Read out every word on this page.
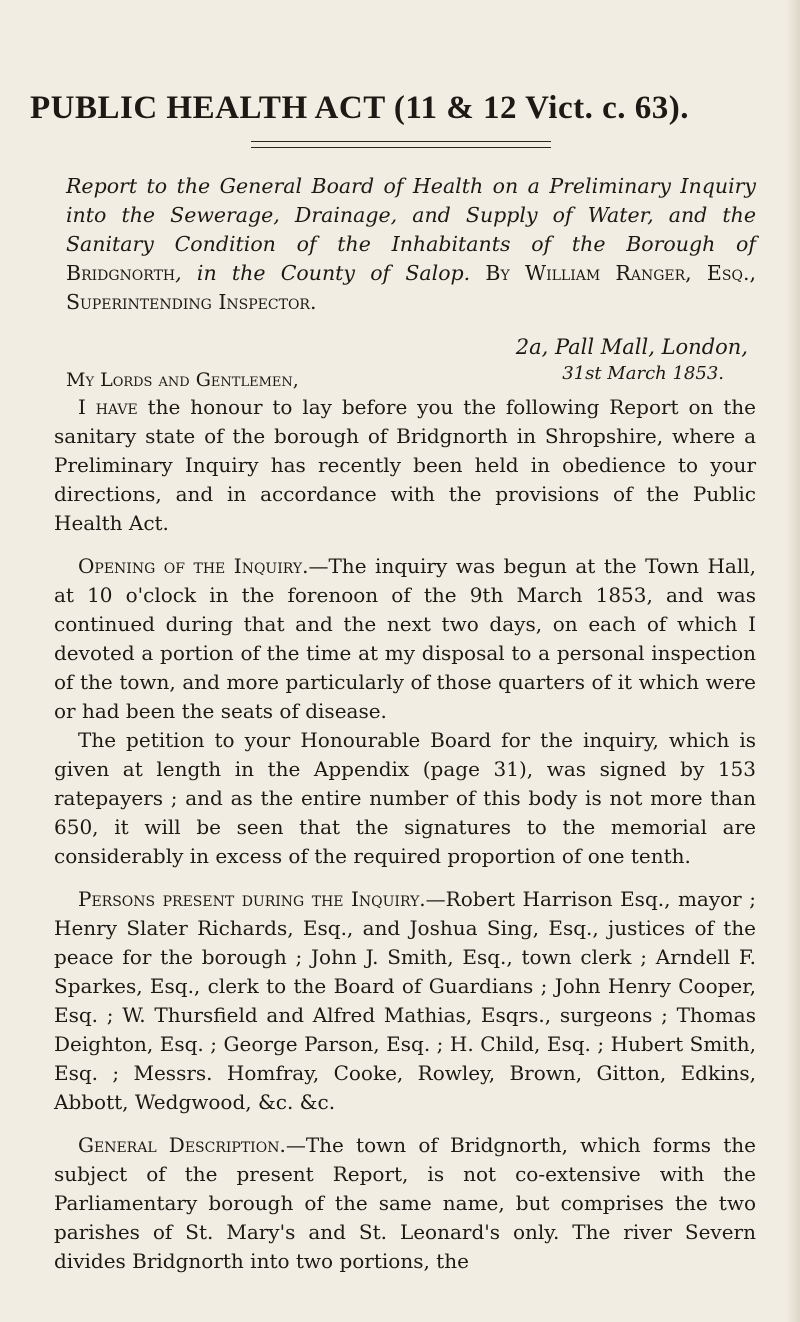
PUBLIC HEALTH ACT (11 & 12 Vict. c. 63).
Report to the General Board of Health on a Preliminary Inquiry into the Sewerage, Drainage, and Supply of Water, and the Sanitary Condition of the Inhabitants of the Borough of Bridgnorth, in the County of Salop. By William Ranger, Esq., Superintending Inspector.
2a, Pall Mall, London,
31st March 1853.
My Lords and Gentlemen,

I have the honour to lay before you the following Report on the sanitary state of the borough of Bridgnorth in Shropshire, where a Preliminary Inquiry has recently been held in obedience to your directions, and in accordance with the provisions of the Public Health Act.

Opening of the Inquiry.—The inquiry was begun at the Town Hall, at 10 o'clock in the forenoon of the 9th March 1853, and was continued during that and the next two days, on each of which I devoted a portion of the time at my disposal to a personal inspection of the town, and more particularly of those quarters of it which were or had been the seats of disease.

The petition to your Honourable Board for the inquiry, which is given at length in the Appendix (page 31), was signed by 153 ratepayers ; and as the entire number of this body is not more than 650, it will be seen that the signatures to the memorial are considerably in excess of the required proportion of one tenth.

Persons present during the Inquiry.—Robert Harrison Esq., mayor ; Henry Slater Richards, Esq., and Joshua Sing, Esq., justices of the peace for the borough ; John J. Smith, Esq., town clerk ; Arndell F. Sparkes, Esq., clerk to the Board of Guardians ; John Henry Cooper, Esq. ; W. Thursfield and Alfred Mathias, Esqrs., surgeons ; Thomas Deighton, Esq. ; George Parson, Esq. ; H. Child, Esq. ; Hubert Smith, Esq. ; Messrs. Homfray, Cooke, Rowley, Brown, Gitton, Edkins, Abbott, Wedgwood, &c. &c.

General Description.—The town of Bridgnorth, which forms the subject of the present Report, is not co-extensive with the Parliamentary borough of the same name, but comprises the two parishes of St. Mary's and St. Leonard's only. The river Severn divides Bridgnorth into two portions, the
